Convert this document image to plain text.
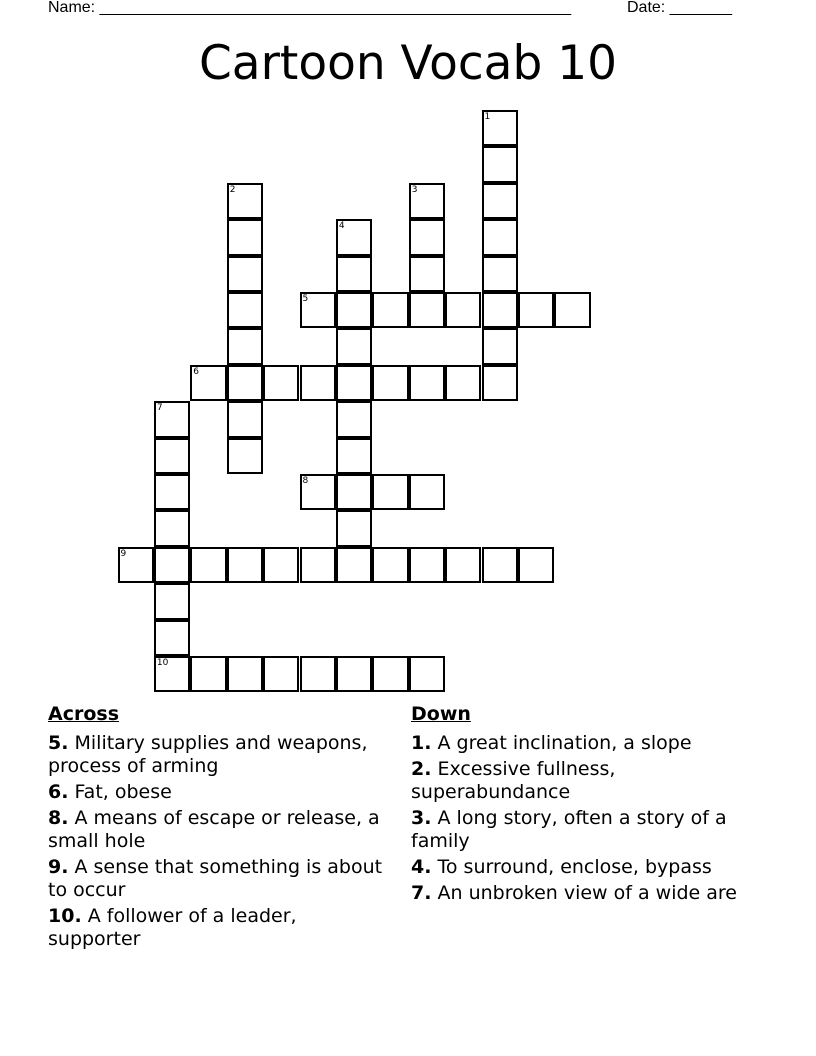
Name: _____________________________________________________	Date: _______
Cartoon Vocab 10
1
2	3
4
5
6
7
8
9
10
Across
5. Military supplies and weapons, process of arming
6. Fat, obese
8. A means of escape or release, a small hole
9. A sense that something is about to occur
10. A follower of a leader, supporter
Down
1. A great inclination, a slope
2. Excessive fullness, superabundance
3. A long story, often a story of a family
4. To surround, enclose, bypass
7. An unbroken view of a wide are
